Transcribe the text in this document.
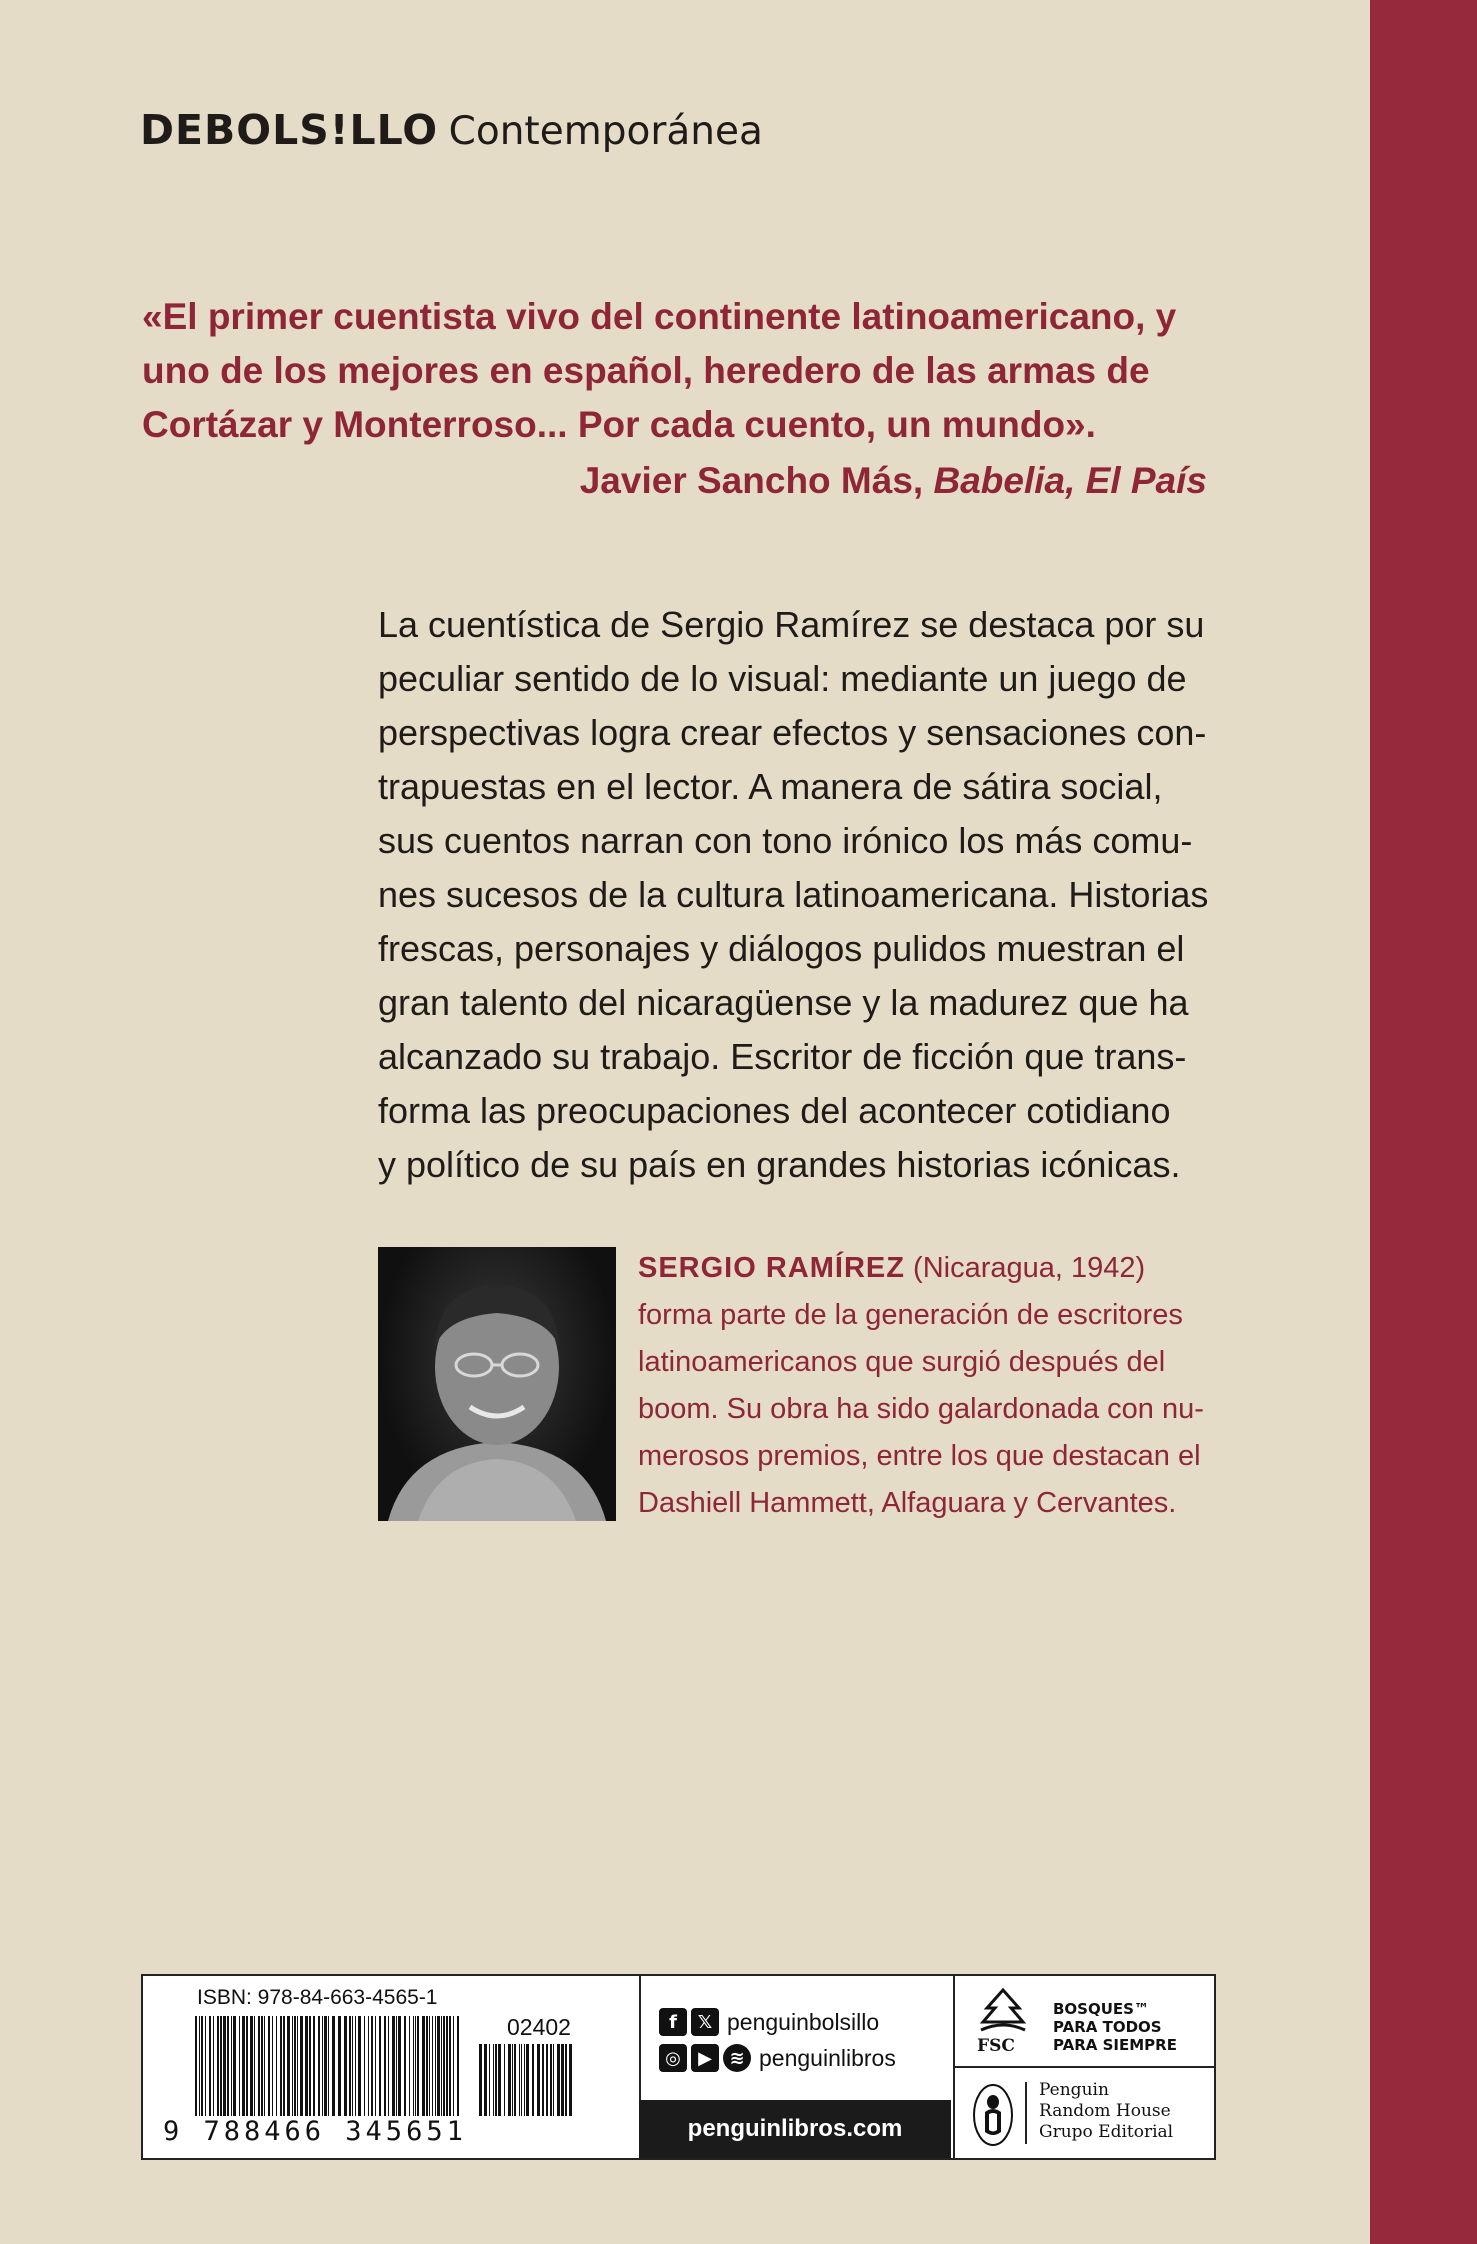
DEBOLS!LLO Contemporánea
«El primer cuentista vivo del continente latinoamericano, y uno de los mejores en español, heredero de las armas de Cortázar y Monterroso... Por cada cuento, un mundo».
Javier Sancho Más, Babelia, El País

La cuentística de Sergio Ramírez se destaca por su

peculiar sentido de lo visual: mediante un juego de

perspectivas logra crear efectos y sensaciones con-

trapuestas en el lector. A manera de sátira social,

sus cuentos narran con tono irónico los más comu-

nes sucesos de la cultura latinoamericana. Historias

frescas, personajes y diálogos pulidos muestran el

gran talento del nicaragüense y la madurez que ha

alcanzado su trabajo. Escritor de ficción que trans-

forma las preocupaciones del acontecer cotidiano

y político de su país en grandes historias icónicas.

SERGIO RAMÍREZ (Nicaragua, 1942)

forma parte de la generación de escritores

latinoamericanos que surgió después del

boom. Su obra ha sido galardonada con nu-

merosos premios, entre los que destacan el

Dashiell Hammett, Alfaguara y Cervantes.

ISBN: 978-84-663-4565-1
02402
9 788466 345651
f	𝕏 penguinbolsillo
◎ ▶ ≋ penguinlibros
penguinlibros.com
FSC
BOSQUES™
PARA TODOS
PARA SIEMPRE
Penguin
Random House
Grupo Editorial
